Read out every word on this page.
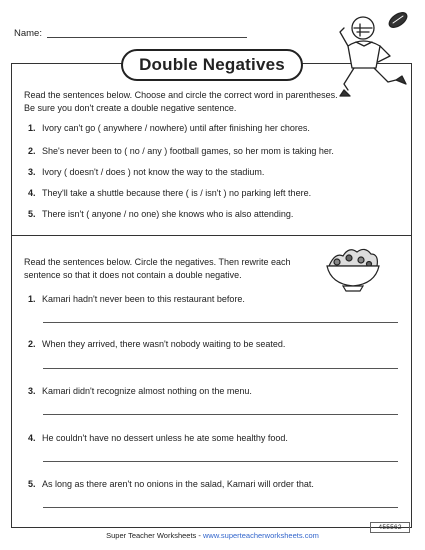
Name:
Double Negatives

Read the sentences below. Choose and circle the correct word in parentheses. Be sure you don't create a double negative sentence.

1. Ivory can't go ( anywhere / nowhere) until after finishing her chores.
2. She's never been to ( no / any ) football games, so her mom is taking her.
3. Ivory ( doesn't / does ) not know the way to the stadium.
4. They'll take a shuttle because there ( is / isn't ) no parking left there.
5. There isn't ( anyone / no one) she knows who is also attending.

Read the sentences below. Circle the negatives. Then rewrite each sentence so that it does not contain a double negative.

1. Kamari hadn't never been to this restaurant before.
2. When they arrived, there wasn't nobody waiting to be seated.
3. Kamari didn't recognize almost nothing on the menu.
4. He couldn't have no dessert unless he ate some healthy food.
5. As long as there aren't no onions in the salad, Kamari will order that.
Super Teacher Worksheets - www.superteacherworksheets.com
455562
